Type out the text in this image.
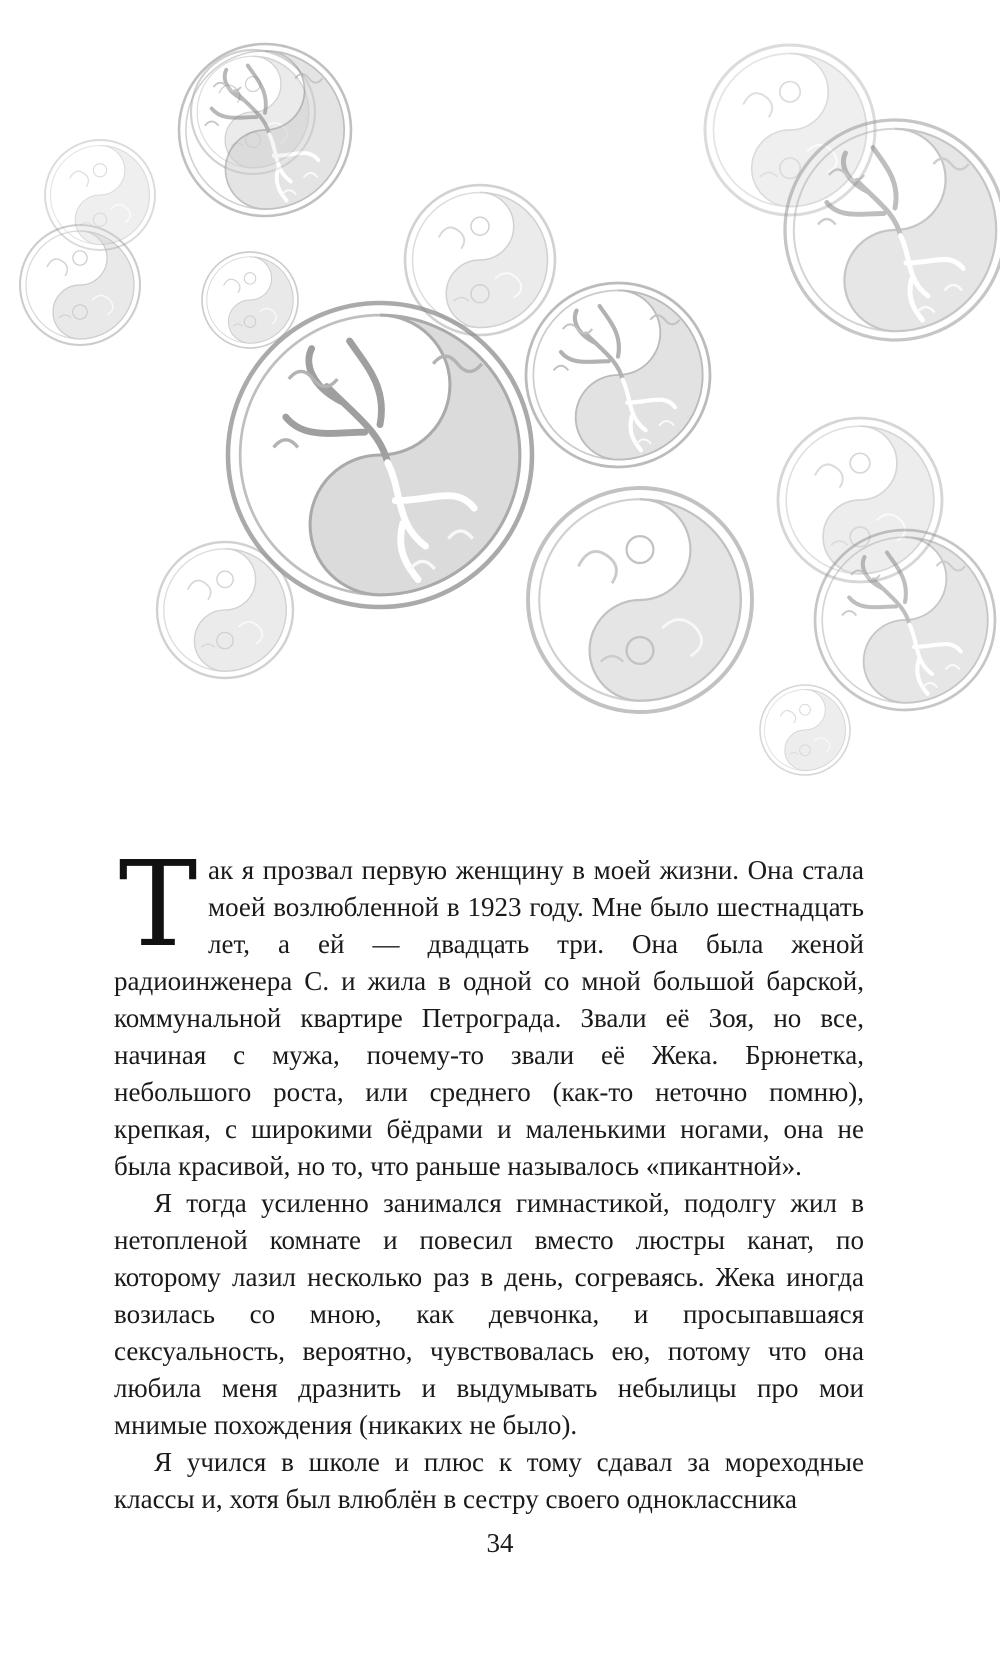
Так я прозвал первую женщину в моей жизни. Она стала моей возлюбленной в 1923 году. Мне было шестнадцать лет, а ей — двадцать три. Она была женой радиоинженера С. и жила в одной со мной большой барской, коммунальной квартире Петрограда. Звали её Зоя, но все, начиная с мужа, почему-то звали её Жека. Брюнетка, небольшого роста, или среднего (как-то неточно помню), крепкая, с широкими бёдрами и маленькими ногами, она не была красивой, но то, что раньше называлось «пикантной».

Я тогда усиленно занимался гимнастикой, подолгу жил в нетопленой комнате и повесил вместо люстры канат, по которому лазил несколько раз в день, согреваясь. Жека иногда возилась со мною, как девчонка, и просыпавшаяся сексуальность, вероятно, чувствовалась ею, потому что она любила меня дразнить и выдумывать небылицы про мои мнимые похождения (никаких не было).

Я учился в школе и плюс к тому сдавал за мореходные классы и, хотя был влюблён в сестру своего одноклассника

34
